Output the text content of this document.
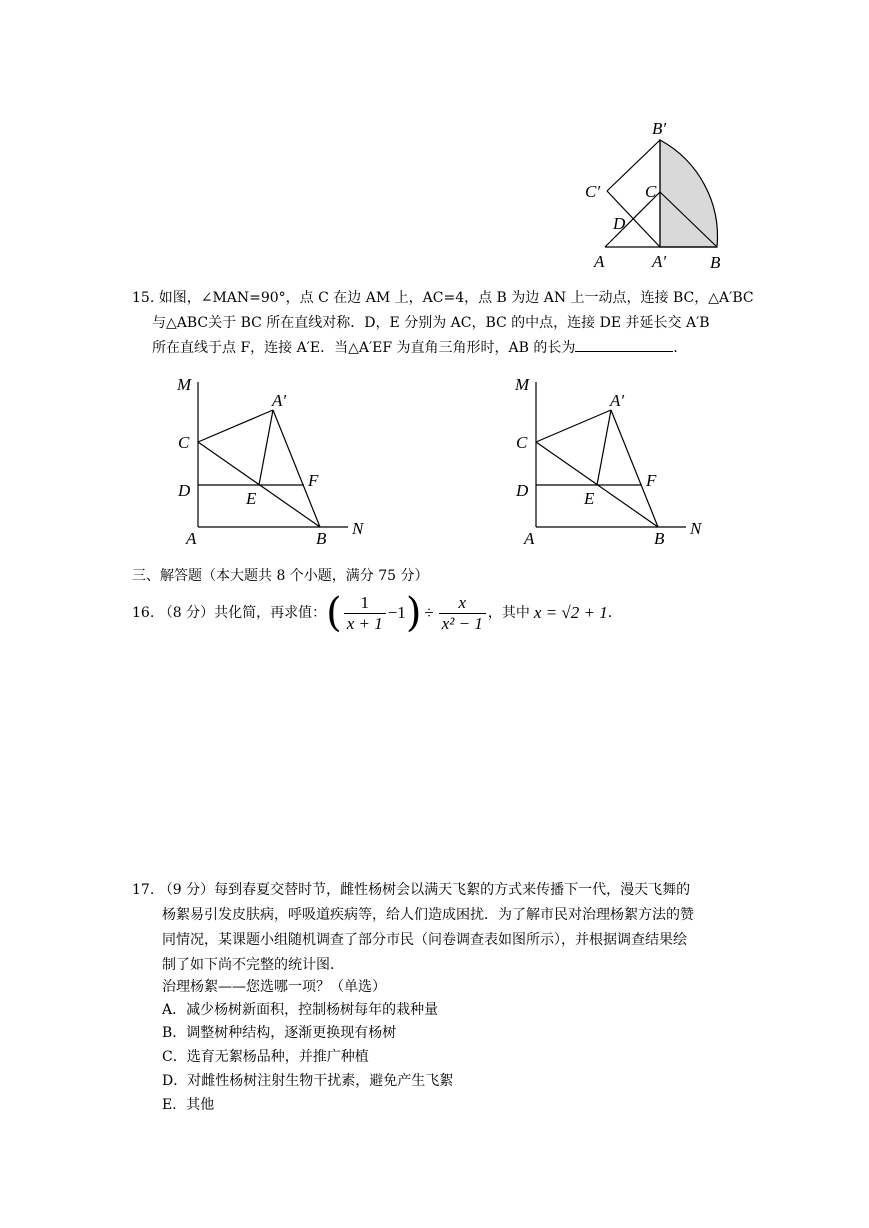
B′
C′	C
D
A	A′	B
15. 如图，∠MAN=90°，点 C 在边 AM 上，AC=4，点 B 为边 AN 上一动点，连接 BC，△A′BC
与△ABC关于 BC 所在直线对称．D，E 分别为 AC，BC 的中点，连接 DE 并延长交 A′B
所在直线于点 F，连接 A′E．当△A′EF 为直角三角形时，AB 的长为	．
M
A′
C
D
F
E
A	B
N
M
A′
C
D
F
E
A	B
N
三、解答题（本大题共 8 个小题，满分 75 分）
16. （8 分）共化简，再求值： ( $\frac{1}{x + 1} -1$ ) ÷ $\frac{x}{\text{x² − 1}}$ ，其中 x = √2 + 1 ．
17. （9 分）每到春夏交替时节，雌性杨树会以满天飞絮的方式来传播下一代，漫天飞舞的
杨絮易引发皮肤病，呼吸道疾病等，给人们造成困扰．为了解市民对治理杨絮方法的赞
同情况，某课题小组随机调查了部分市民（问卷调查表如图所示），并根据调查结果绘
制了如下尚不完整的统计图．
治理杨絮——您选哪一项？（单选）
A．减少杨树新面积，控制杨树每年的栽种量
B．调整树种结构，逐渐更换现有杨树
C．选育无絮杨品种，并推广种植
D．对雌性杨树注射生物干扰素，避免产生飞絮
E．其他
